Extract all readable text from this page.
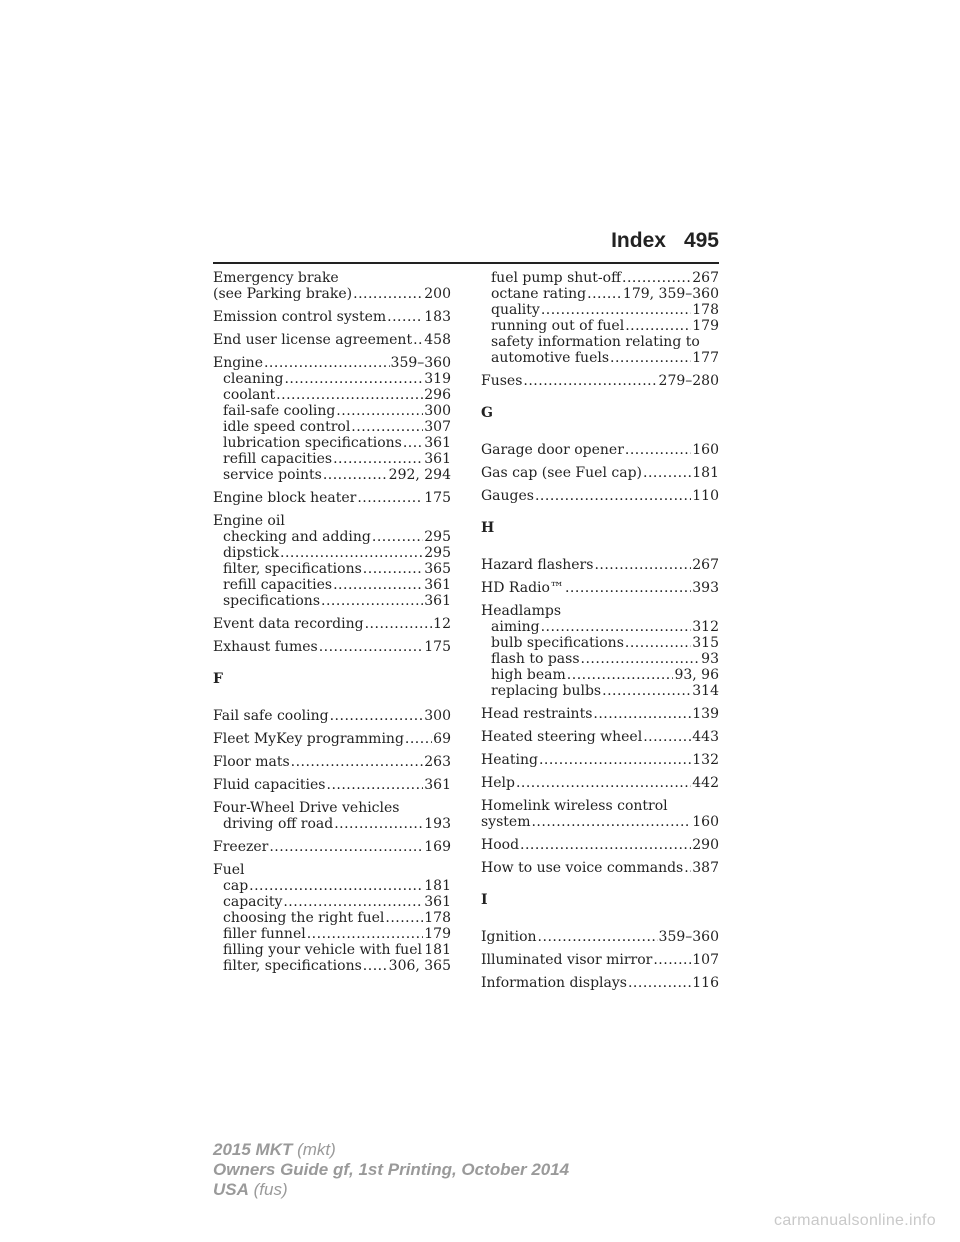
Index 495
Emergency brake
(see Parking brake) .....	200
Emission control system .....	183
End user license agreement ..... 458
Engine .....	359–360
cleaning .....	319
coolant .....	296
fail-safe cooling .....	300
idle speed control .....	307
lubrication specifications ..... 361
refill capacities .....	361
service points .....	292, 294
Engine block heater .....	175
Engine oil
checking and adding .....	295
dipstick .....	295
filter, specifications .....	365
refill capacities .....	361
specifications .....	361
Event data recording .....	12
Exhaust fumes .....	175
F
Fail safe cooling .....	300
Fleet MyKey programming ..... 69
Floor mats .....	263
Fluid capacities .....	361
Four-Wheel Drive vehicles
driving off road .....	193
Freezer .....	169
Fuel
cap .....	181
capacity .....	361
choosing the right fuel .....	178
filler funnel .....	179
filling your vehicle with fuel ..... 181
filter, specifications ..... 306, 365
fuel pump shut-off .....	267
octane rating .....	179, 359–360
quality .....	178
running out of fuel .....	179
safety information relating to
automotive fuels .....	177
Fuses .....	279–280
G
Garage door opener .....	160
Gas cap (see Fuel cap) .....	181
Gauges .....	110
H
Hazard flashers .....	267
HD Radio™ .....	393
Headlamps
aiming .....	312
bulb specifications .....	315
flash to pass .....	93
high beam .....	93, 96
replacing bulbs .....	314
Head restraints .....	139
Heated steering wheel .....	443
Heating .....	132
Help .....	442
Homelink wireless control
system .....	160
Hood .....	290
How to use voice commands ..... 387
I
Ignition .....	359–360
Illuminated visor mirror .....	107
Information displays .....	116
2015 MKT (mkt)
Owners Guide gf, 1st Printing, October 2014
USA (fus)
carmanualsonline.info
